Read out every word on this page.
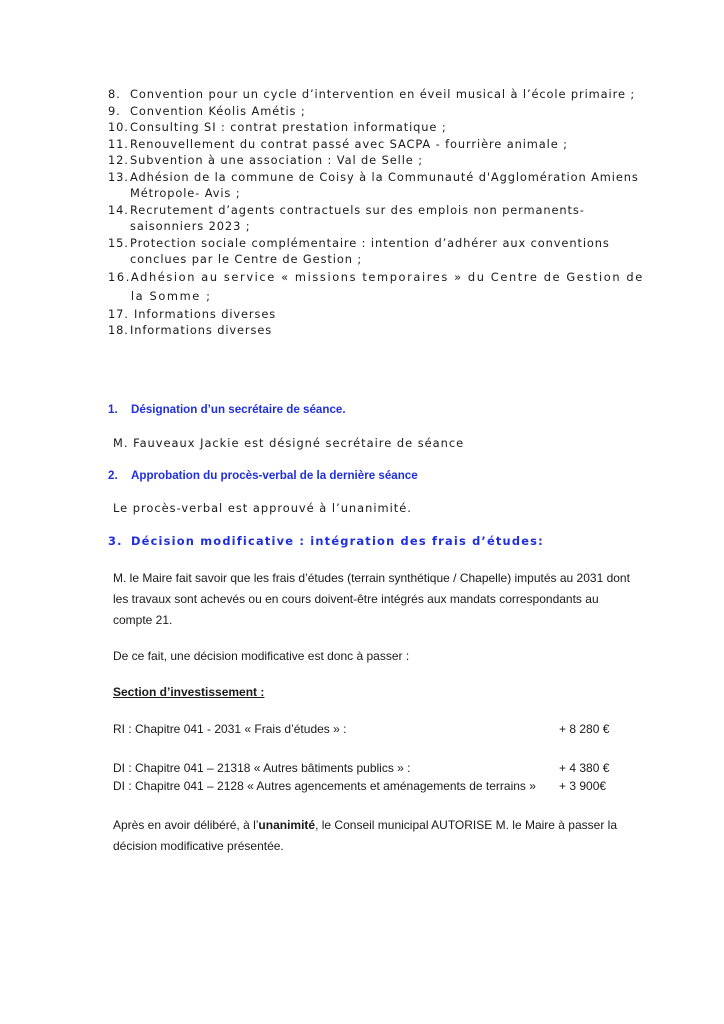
8. Convention pour un cycle d’intervention en éveil musical à l’école primaire ;
9. Convention Kéolis Amétis ;
10. Consulting SI : contrat prestation informatique ;
11. Renouvellement du contrat passé avec SACPA - fourrière animale ;
12. Subvention à une association : Val de Selle ;
13. Adhésion de la commune de Coisy à la Communauté d'Agglomération Amiens Métropole- Avis ;
14. Recrutement d’agents contractuels sur des emplois non permanents-saisonniers 2023 ;
15. Protection sociale complémentaire : intention d’adhérer aux conventions conclues par le Centre de Gestion ;
16. Adhésion au service « missions temporaires » du Centre de Gestion de la Somme ;
17. Informations diverses
18. Informations diverses
1. Désignation d’un secrétaire de séance.
M. Fauveaux Jackie est désigné secrétaire de séance
2. Approbation du procès-verbal de la dernière séance
Le procès-verbal est approuvé à l’unanimité.
3. Décision modificative : intégration des frais d’études:
M. le Maire fait savoir que les frais d’études (terrain synthétique / Chapelle) imputés au 2031 dont les travaux sont achevés ou en cours doivent-être intégrés aux mandats correspondants au compte 21.
De ce fait, une décision modificative est donc à passer :
Section d’investissement :
RI : Chapitre 041 - 2031 « Frais d’études » :	+ 8 280 €
DI : Chapitre 041 – 21318 « Autres bâtiments publics » :	+ 4 380 €
DI : Chapitre 041 – 2128 « Autres agencements et aménagements de terrains » + 3 900€
Après en avoir délibéré, à l’unanimité, le Conseil municipal AUTORISE M. le Maire à passer la décision modificative présentée.
